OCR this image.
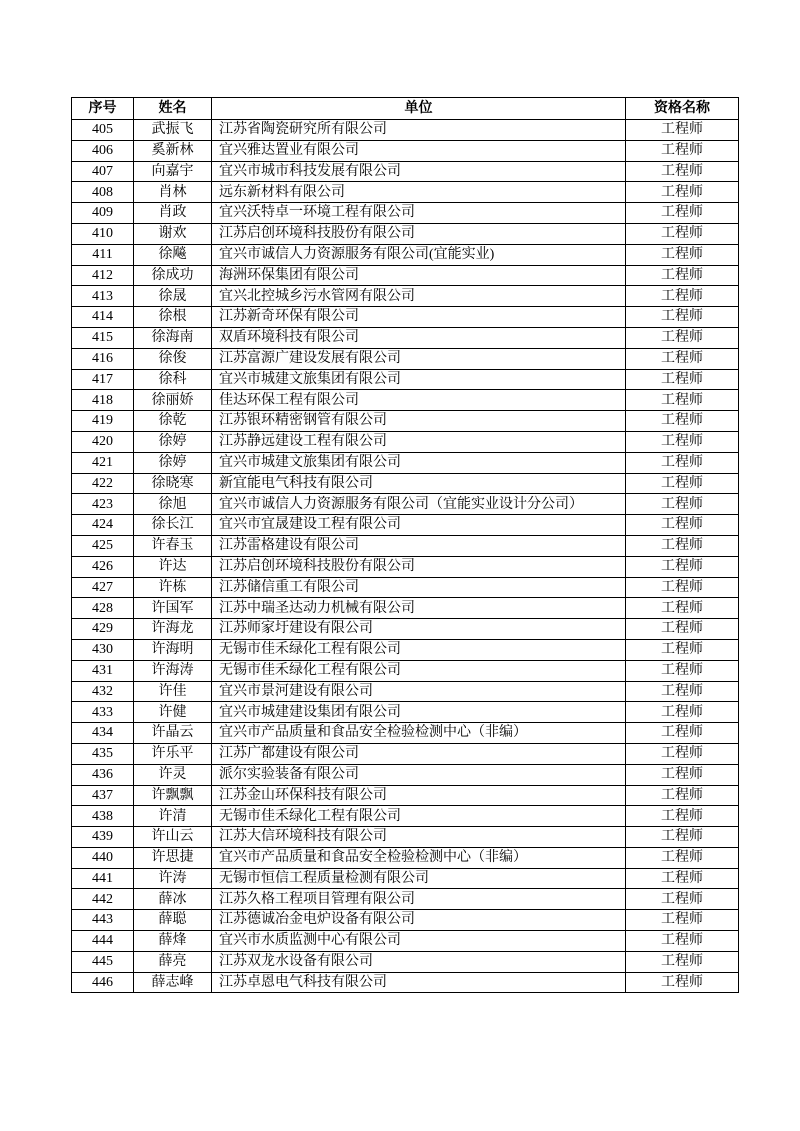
序号	姓名	单位	资格名称
405	武振飞	江苏省陶瓷研究所有限公司	工程师
406	奚新林	宜兴雅达置业有限公司	工程师
407	向嘉宇	宜兴市城市科技发展有限公司	工程师
408	肖林	远东新材料有限公司	工程师
409	肖政	宜兴沃特卓一环境工程有限公司	工程师
410	谢欢	江苏启创环境科技股份有限公司	工程师
411	徐飚	宜兴市诚信人力资源服务有限公司(宜能实业)	工程师
412	徐成功	海洲环保集团有限公司	工程师
413	徐晟	宜兴北控城乡污水管网有限公司	工程师
414	徐根	江苏新奇环保有限公司	工程师
415	徐海南	双盾环境科技有限公司	工程师
416	徐俊	江苏富源广建设发展有限公司	工程师
417	徐科	宜兴市城建文旅集团有限公司	工程师
418	徐丽娇	佳达环保工程有限公司	工程师
419	徐乾	江苏银环精密钢管有限公司	工程师
420	徐婷	江苏静远建设工程有限公司	工程师
421	徐婷	宜兴市城建文旅集团有限公司	工程师
422	徐晓寒	新宜能电气科技有限公司	工程师
423	徐旭	宜兴市诚信人力资源服务有限公司（宜能实业设计分公司）	工程师
424	徐长江	宜兴市宜晟建设工程有限公司	工程师
425	许春玉	江苏雷格建设有限公司	工程师
426	许达	江苏启创环境科技股份有限公司	工程师
427	许栋	江苏储信重工有限公司	工程师
428	许国军	江苏中瑞圣达动力机械有限公司	工程师
429	许海龙	江苏师家圩建设有限公司	工程师
430	许海明	无锡市佳禾绿化工程有限公司	工程师
431	许海涛	无锡市佳禾绿化工程有限公司	工程师
432	许佳	宜兴市景河建设有限公司	工程师
433	许健	宜兴市城建建设集团有限公司	工程师
434	许晶云	宜兴市产品质量和食品安全检验检测中心（非编）	工程师
435	许乐平	江苏广都建设有限公司	工程师
436	许灵	派尔实验装备有限公司	工程师
437	许飘飘	江苏金山环保科技有限公司	工程师
438	许清	无锡市佳禾绿化工程有限公司	工程师
439	许山云	江苏大信环境科技有限公司	工程师
440	许思捷	宜兴市产品质量和食品安全检验检测中心（非编）	工程师
441	许涛	无锡市恒信工程质量检测有限公司	工程师
442	薛冰	江苏久格工程项目管理有限公司	工程师
443	薛聪	江苏德诚冶金电炉设备有限公司	工程师
444	薛烽	宜兴市水质监测中心有限公司	工程师
445	薛亮	江苏双龙水设备有限公司	工程师
446	薛志峰	江苏卓恩电气科技有限公司	工程师
